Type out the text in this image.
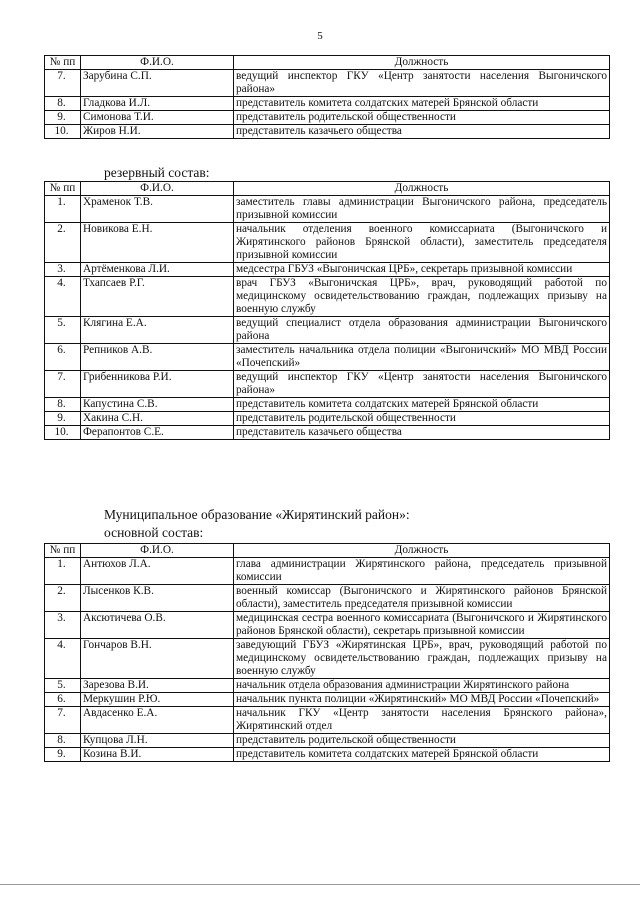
5
№ пп	Ф.И.О.	Должность
7.	Зарубина С.П.	ведущий инспектор ГКУ «Центр занятости населения Выгоничского района»
8.	Гладкова И.Л.	представитель комитета солдатских матерей Брянской области
9.	Симонова Т.И.	представитель родительской общественности
10.	Жиров Н.И.	представитель казачьего общества
резервный состав:
№ пп	Ф.И.О.	Должность
1.	Храменок Т.В.	заместитель главы администрации Выгоничского района, председатель призывной комиссии
2.	Новикова Е.Н.	начальник отделения военного комиссариата (Выгоничского и Жирятинского районов Брянской области), заместитель председателя призывной комиссии
3.	Артёменкова Л.И.	медсестра ГБУЗ «Выгоничская ЦРБ», секретарь призывной комиссии
4.	Тхапсаев Р.Г.	врач ГБУЗ «Выгоничская ЦРБ», врач, руководящий работой по медицинскому освидетельствованию граждан, подлежащих призыву на военную службу
5.	Клягина Е.А.	ведущий специалист отдела образования администрации Выгоничского района
6.	Репников А.В.	заместитель начальника отдела полиции «Выгоничский» МО МВД России «Почепский»
7.	Грибенникова Р.И.	ведущий инспектор ГКУ «Центр занятости населения Выгоничского района»
8.	Капустина С.В.	представитель комитета солдатских матерей Брянской области
9.	Хакина С.Н.	представитель родительской общественности
10.	Ферапонтов С.Е.	представитель казачьего общества
Муниципальное образование «Жирятинский район»:
основной состав:
№ пп	Ф.И.О.	Должность
1.	Антюхов Л.А.	глава администрации Жирятинского района, председатель призывной комиссии
2.	Лысенков К.В.	военный комиссар (Выгоничского и Жирятинского районов Брянской области), заместитель председателя призывной комиссии
3.	Аксютичева О.В.	медицинская сестра военного комиссариата (Выгоничского и Жирятинского районов Брянской области), секретарь призывной комиссии
4.	Гончаров В.Н.	заведующий ГБУЗ «Жирятинская ЦРБ», врач, руководящий работой по медицинскому освидетельствованию граждан, подлежащих призыву на военную службу
5.	Зарезова В.И.	начальник отдела образования администрации Жирятинского района
6.	Меркушин Р.Ю.	начальник пункта полиции «Жирятинский» МО МВД России «Почепский»
7.	Авдасенко Е.А.	начальник ГКУ «Центр занятости населения Брянского района», Жирятинский отдел
8.	Купцова Л.Н.	представитель родительской общественности
9.	Козина В.И.	представитель комитета солдатских матерей Брянской области
